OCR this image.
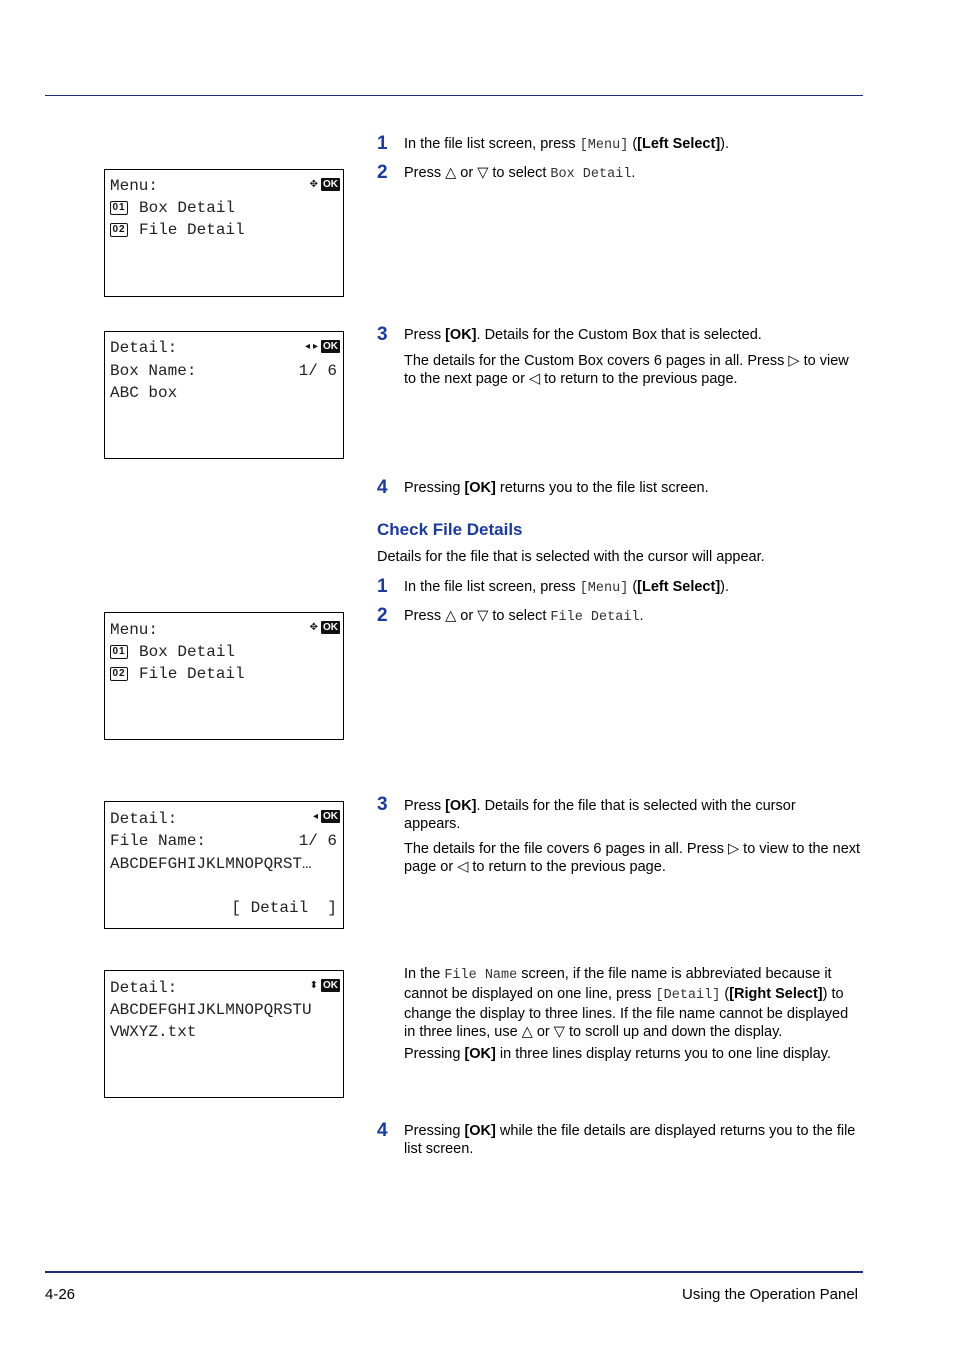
✥ OK
Menu:
01 Box Detail
02 File Detail
◂ ▸ OK
Detail:
Box Name:	1/ 6
ABC box
✥ OK
Menu:
01 Box Detail
02 File Detail
◂ OK
Detail:
File Name:	1/ 6
ABCDEFGHIJKLMNOPQRST…
[ Detail  ]
⬍ OK
Detail:
ABCDEFGHIJKLMNOPQRSTU
VWXYZ.txt
1 In the file list screen, press [Menu] ([Left Select]).
2 Press △ or ▽ to select Box Detail.
3 Press [OK]. Details for the Custom Box that is selected.
The details for the Custom Box covers 6 pages in all. Press ▷ to view to the next page or ◁ to return to the previous page.
4 Pressing [OK] returns you to the file list screen.
Check File Details
Details for the file that is selected with the cursor will appear.
1 In the file list screen, press [Menu] ([Left Select]).
2 Press △ or ▽ to select File Detail.
3 Press [OK]. Details for the file that is selected with the cursor appears.
The details for the file covers 6 pages in all. Press ▷ to view to the next page or ◁ to return to the previous page.
In the File Name screen, if the file name is abbreviated because it cannot be displayed on one line, press [Detail] ([Right Select]) to change the display to three lines. If the file name cannot be displayed in three lines, use △ or ▽ to scroll up and down the display.
Pressing [OK] in three lines display returns you to one line display.
4 Pressing [OK] while the file details are displayed returns you to the file list screen.
4-26	Using the Operation Panel
